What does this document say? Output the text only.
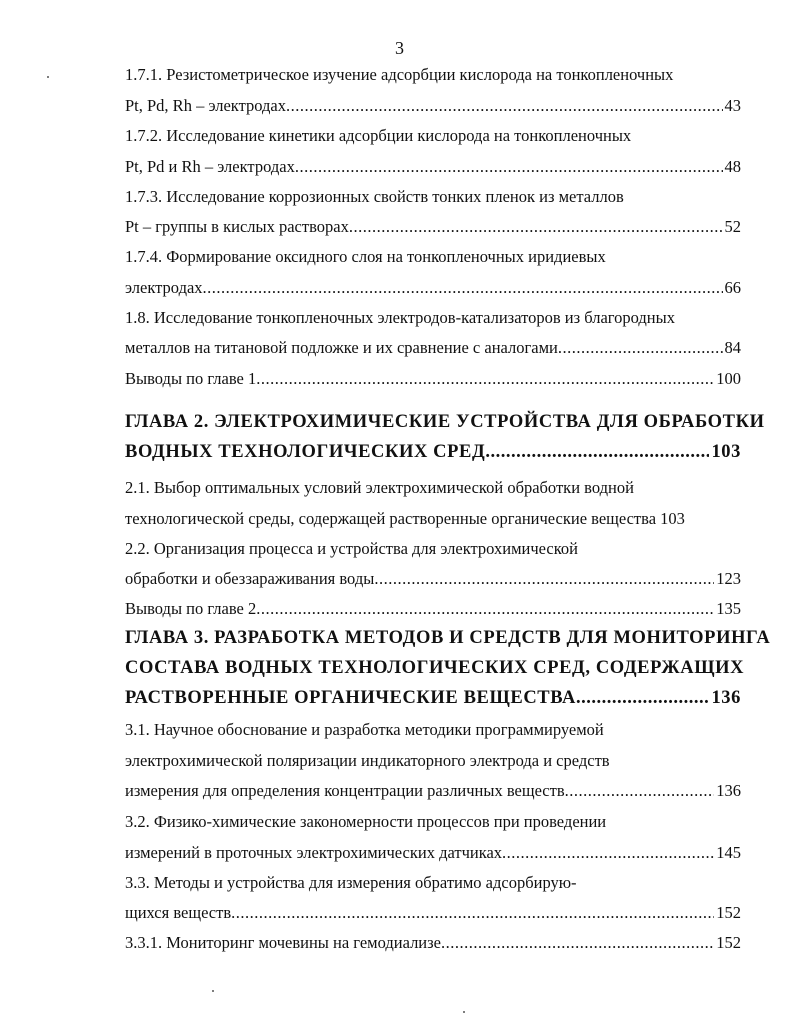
3
1.7.1. Резистометрическое изучение адсорбции кислорода на тонкопленочных
Pt, Pd, Rh – электродах .....	43
1.7.2. Исследование кинетики адсорбции кислорода на тонкопленочных
Pt, Pd и Rh – электродах .....	48
1.7.3. Исследование коррозионных свойств тонких пленок из металлов
Pt – группы в кислых растворах .....	52
1.7.4. Формирование оксидного слоя на тонкопленочных иридиевых
электродах .....	66
1.8. Исследование тонкопленочных электродов-катализаторов из благородных
металлов на титановой подложке и их сравнение с аналогами .....	84
Выводы по главе 1 .....	100
ГЛАВА 2. ЭЛЕКТРОХИМИЧЕСКИЕ УСТРОЙСТВА ДЛЯ ОБРАБОТКИ
ВОДНЫХ ТЕХНОЛОГИЧЕСКИХ СРЕД .....	103
2.1. Выбор оптимальных условий электрохимической обработки водной
технологической среды, содержащей растворенные органические вещества 103
2.2. Организация процесса и устройства для электрохимической
обработки и обеззараживания воды .....	123
Выводы по главе 2 .....	135
ГЛАВА 3. РАЗРАБОТКА МЕТОДОВ И СРЕДСТВ ДЛЯ МОНИТОРИНГА
СОСТАВА ВОДНЫХ ТЕХНОЛОГИЧЕСКИХ СРЕД, СОДЕРЖАЩИХ
РАСТВОРЕННЫЕ ОРГАНИЧЕСКИЕ ВЕЩЕСТВА .....	136
3.1. Научное обоснование и разработка методики программируемой
электрохимической поляризации индикаторного электрода и средств
измерения для определения концентрации различных веществ .....	136
3.2. Физико-химические закономерности процессов при проведении
измерений в проточных электрохимических датчиках .....	145
3.3. Методы и устройства для измерения обратимо адсорбирую-
щихся веществ .....	152
3.3.1. Мониторинг мочевины на гемодиализе .....	152
